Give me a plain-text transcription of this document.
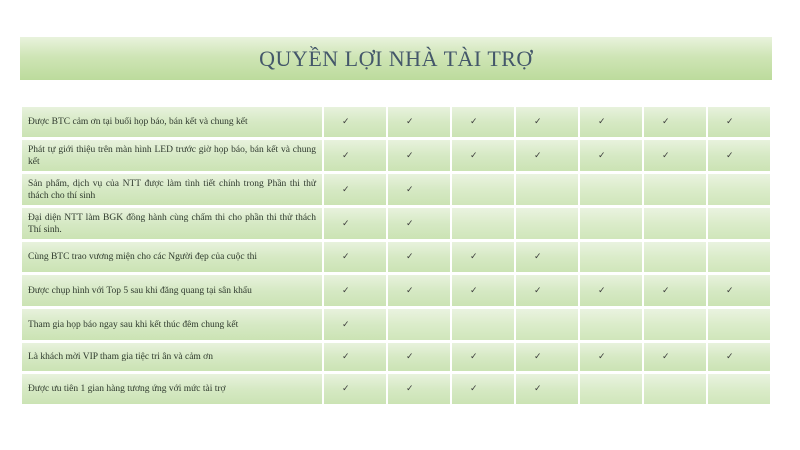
QUYỀN LỢI NHÀ TÀI TRỢ
Được BTC cảm ơn tại buổi họp báo, bán kết và chung kết	✓	✓	✓	✓	✓	✓	✓
Phát tự giới thiệu trên màn hình LED trước giờ họp báo, bán kết và chung kết	✓	✓	✓	✓	✓	✓	✓
Sản phẩm, dịch vụ của NTT được làm tình tiết chính trong Phần thi thử thách cho thí sinh	✓	✓					
Đại diện NTT làm BGK đồng hành cùng chấm thi cho phần thi thử thách Thí sinh.	✓	✓					
Cùng BTC trao vương miện cho các Người đẹp của cuộc thi	✓	✓	✓	✓			
Được chụp hình với Top 5 sau khi đăng quang tại sân khấu	✓	✓	✓	✓	✓	✓	✓
Tham gia họp báo ngay sau khi kết thúc đêm chung kết	✓						
Là khách mời VIP tham gia tiệc tri ân và cảm ơn	✓	✓	✓	✓	✓	✓	✓
Được ưu tiên 1 gian hàng tương ứng với mức tài trợ	✓	✓	✓	✓			
